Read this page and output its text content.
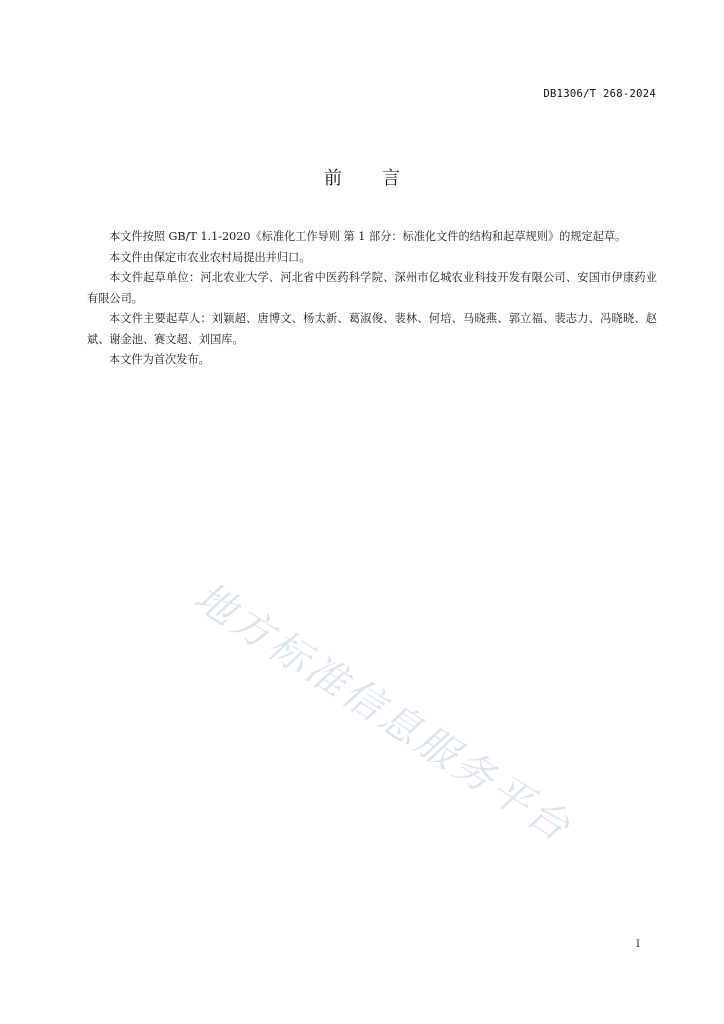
DB1306/T 268-2024
前言

本文件按照 GB/T 1.1-2020《标准化工作导则 第 1 部分：标准化文件的结构和起草规则》的规定起草。

本文件由保定市农业农村局提出并归口。

本文件起草单位：河北农业大学、河北省中医药科学院、深州市亿城农业科技开发有限公司、安国市伊康药业有限公司。

本文件主要起草人：刘颖超、唐博文、杨太新、葛淑俊、裴林、何培、马晓燕、郭立福、裴志力、冯晓晓、赵斌、谢金池、赛文超、刘国库。

本文件为首次发布。

地方标准信息服务平台
I
